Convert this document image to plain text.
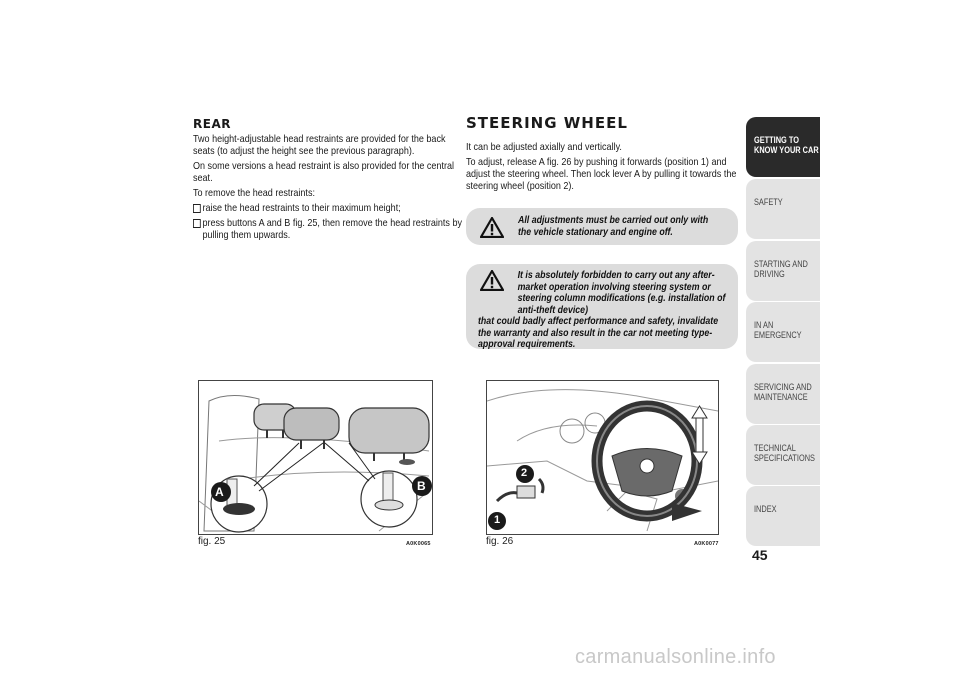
REAR

Two height-adjustable head restraints are provided for the back seats (to adjust the height see the previous paragraph).

On some versions a head restraint is also provided for the central seat.

To remove the head restraints:

raise the head restraints to their maximum height;
press buttons A and B fig. 25, then remove the head restraints by pulling them upwards.
STEERING WHEEL

It can be adjusted axially and vertically.

To adjust, release A fig. 26 by pushing it forwards (position 1) and adjust the steering wheel. Then lock lever A by pulling it towards the steering wheel (position 2).

All adjustments must be carried out only with the vehicle stationary and engine off.
It is absolutely forbidden to carry out any after-market operation involving steering system or steering column modifications (e.g. installation of anti-theft device)
that could badly affect performance and safety, invalidate the warranty and also result in the car not meeting type-approval requirements.
A	B
fig. 25	A0K0065
2
1
fig. 26	A0K0077
GETTING TO KNOW YOUR CAR
SAFETY
STARTING AND DRIVING
IN AN EMERGENCY
SERVICING AND MAINTENANCE
TECHNICAL SPECIFICATIONS
INDEX
45
carmanualsonline.info
